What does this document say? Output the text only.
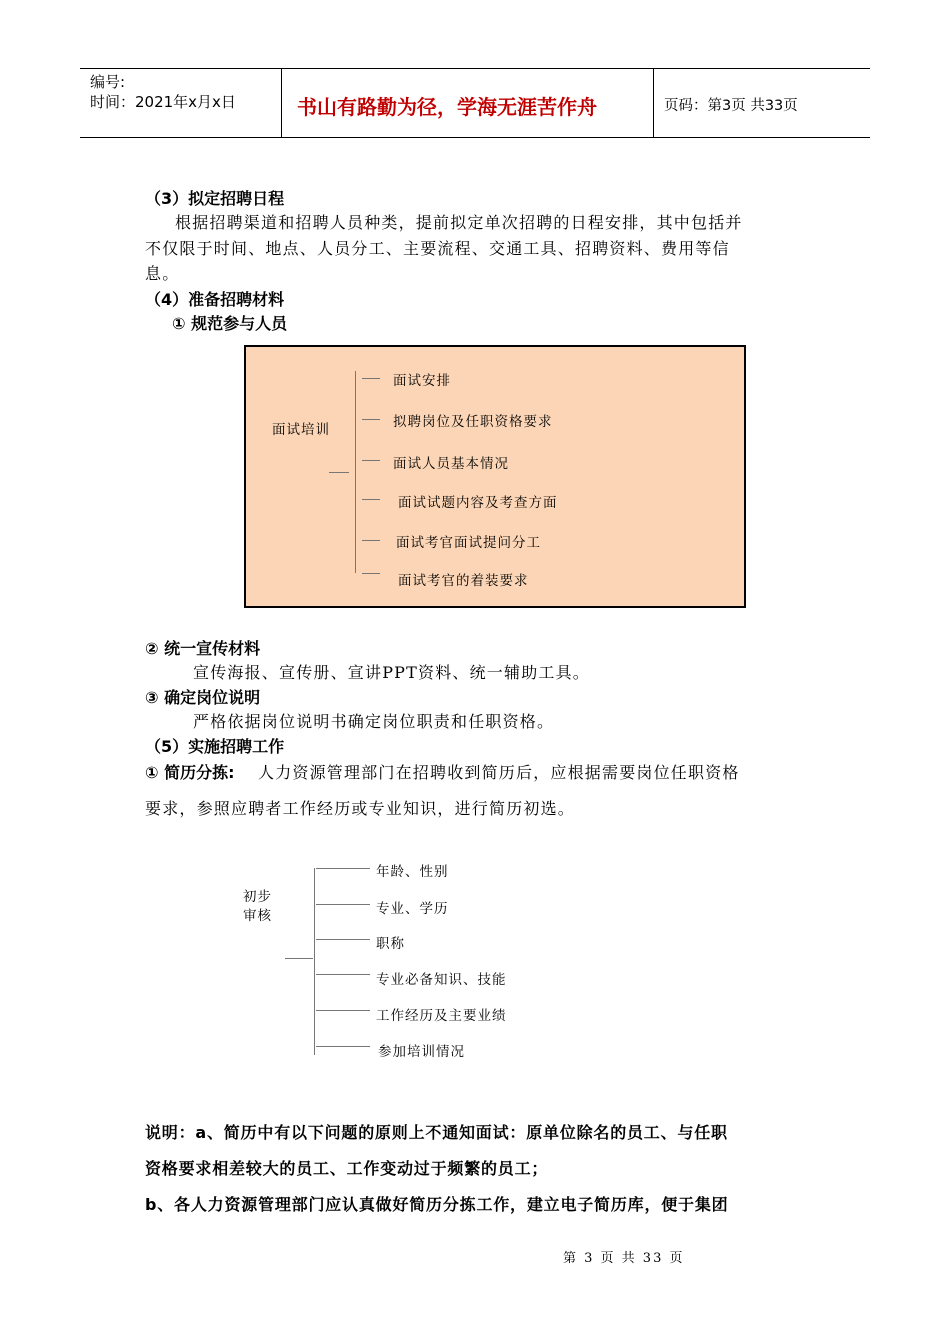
编号:
时间：2021年x月x日	书山有路勤为径，学海无涯苦作舟	页码：第3页 共33页
（3）拟定招聘日程
根据招聘渠道和招聘人员种类，提前拟定单次招聘的日程安排，其中包括并
不仅限于时间、地点、人员分工、主要流程、交通工具、招聘资料、费用等信
息。
（4）准备招聘材料
① 规范参与人员
面试培训
面试安排
拟聘岗位及任职资格要求
面试人员基本情况
面试试题内容及考查方面
面试考官面试提问分工
面试考官的着装要求
② 统一宣传材料
宣传海报、宣传册、宣讲PPT资料、统一辅助工具。
③ 确定岗位说明
严格依据岗位说明书确定岗位职责和任职资格。
（5）实施招聘工作
① 简历分拣: 人力资源管理部门在招聘收到简历后，应根据需要岗位任职资格
要求，参照应聘者工作经历或专业知识，进行简历初选。
初步
审核
年龄、性别
专业、学历
职称
专业必备知识、技能
工作经历及主要业绩
参加培训情况
说明：a、简历中有以下问题的原则上不通知面试：原单位除名的员工、与任职
资格要求相差较大的员工、工作变动过于频繁的员工；
b、各人力资源管理部门应认真做好简历分拣工作，建立电子简历库，便于集团
第 3 页 共 33 页
